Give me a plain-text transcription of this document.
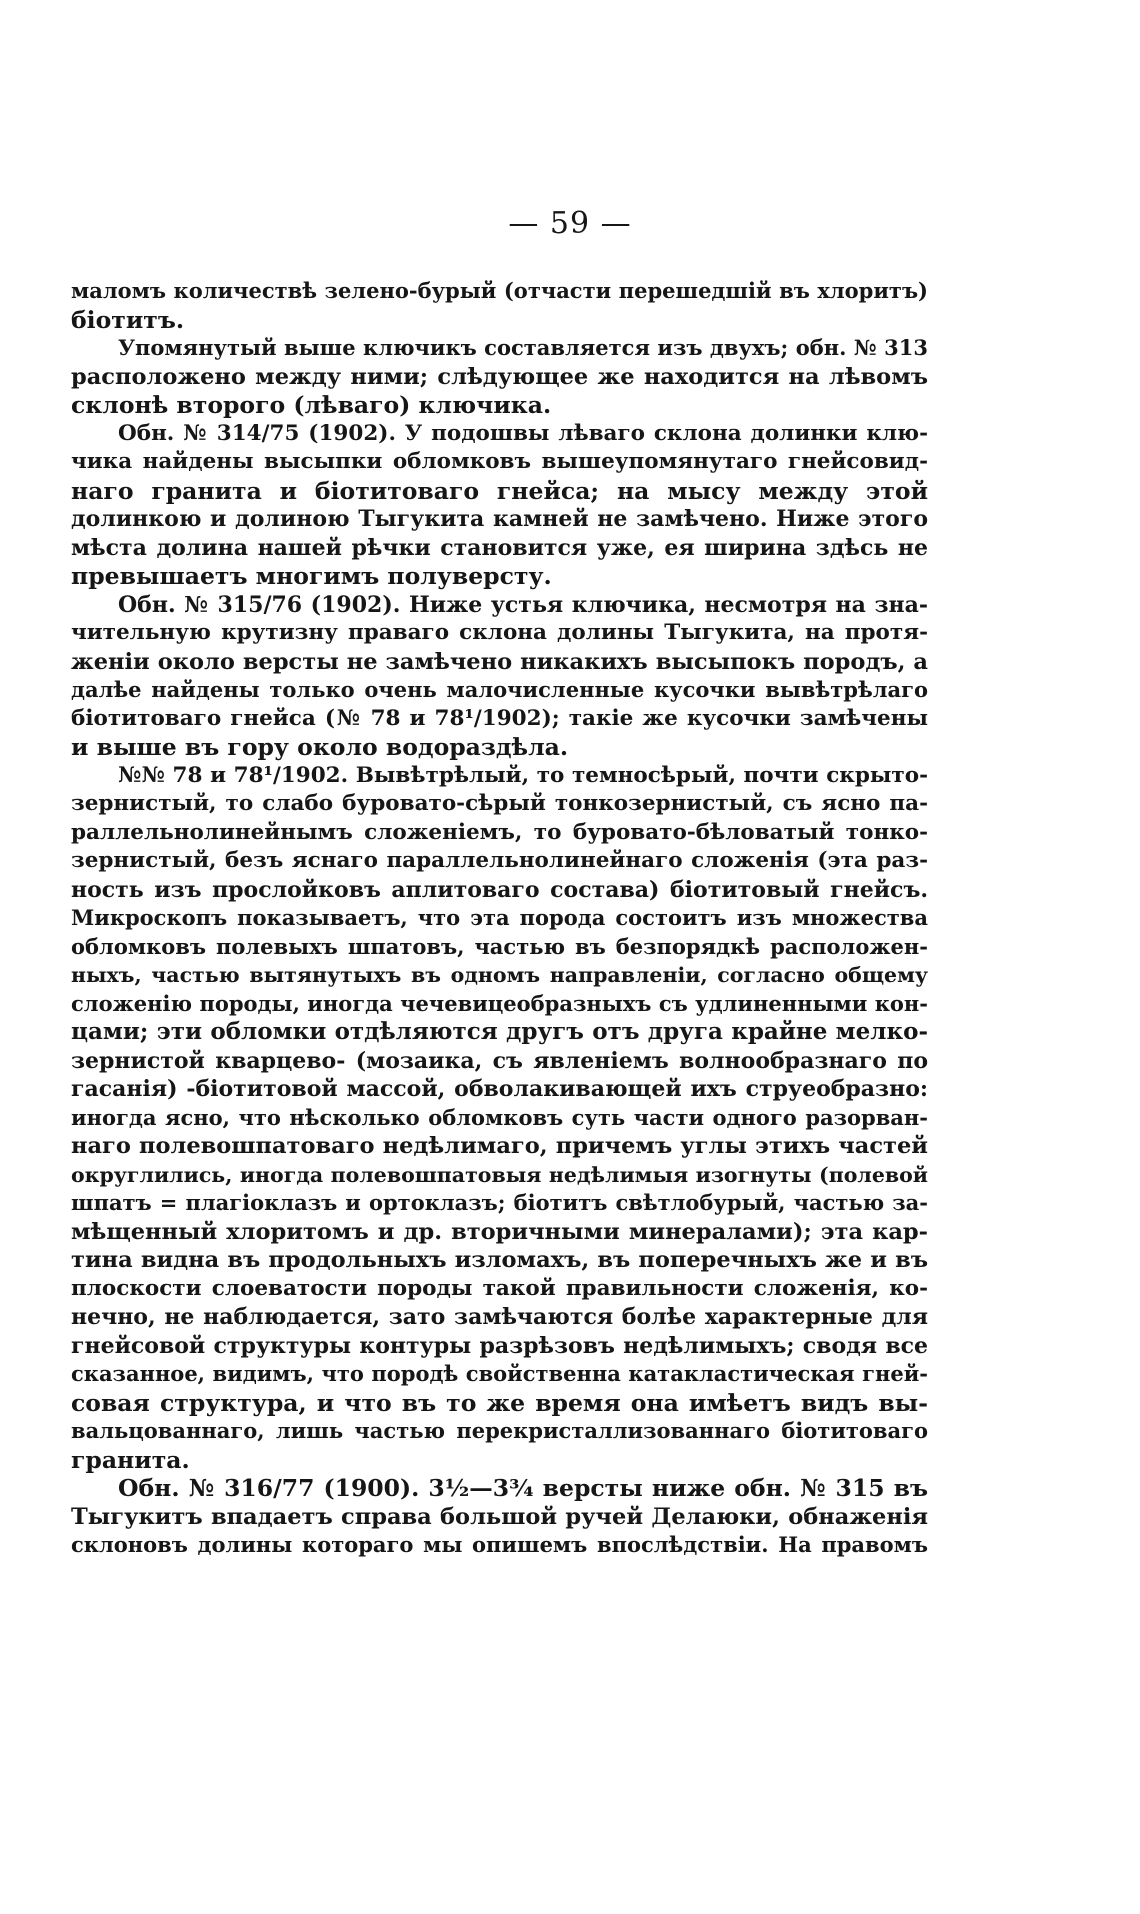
— 59 —
маломъ количествѣ зелено-бурый (отчасти перешедшій въ хлоритъ)
біотитъ.
Упомянутый выше ключикъ составляется изъ двухъ; обн. № 313
расположено между ними; слѣдующее же находится на лѣвомъ
склонѣ второго (лѣваго) ключика.
Обн. № 314/75 (1902). У подошвы лѣваго склона долинки клю-
чика найдены высыпки обломковъ вышеупомянутаго гнейсовид-
наго гранита и біотитоваго гнейса; на мысу между этой
долинкою и долиною Тыгукита камней не замѣчено. Ниже этого
мѣста долина нашей рѣчки становится уже, ея ширина здѣсь не
превышаетъ многимъ полуверсту.
Обн. № 315/76 (1902). Ниже устья ключика, несмотря на зна-
чительную крутизну праваго склона долины Тыгукита, на протя-
женіи около версты не замѣчено никакихъ высыпокъ породъ, а
далѣе найдены только очень малочисленные кусочки вывѣтрѣлаго
біотитоваго гнейса (№ 78 и 78¹/1902); такіе же кусочки замѣчены
и выше въ гору около водораздѣла.
№№ 78 и 78¹/1902. Вывѣтрѣлый, то темносѣрый, почти скрыто-
зернистый, то слабо буровато-сѣрый тонкозернистый, съ ясно па-
раллельнолинейнымъ сложеніемъ, то буровато-бѣловатый тонко-
зернистый, безъ яснаго параллельнолинейнаго сложенія (эта раз-
ность изъ прослойковъ аплитоваго состава) біотитовый гнейсъ.
Микроскопъ показываетъ, что эта порода состоитъ изъ множества
обломковъ полевыхъ шпатовъ, частью въ безпорядкѣ расположен-
ныхъ, частью вытянутыхъ въ одномъ направленіи, согласно общему
сложенію породы, иногда чечевицеобразныхъ съ удлиненными кон-
цами; эти обломки отдѣляются другъ отъ друга крайне мелко-
зернистой кварцево- (мозаика, съ явленіемъ волнообразнаго по
гасанія) -біотитовой массой, обволакивающей ихъ струеобразно:
иногда ясно, что нѣсколько обломковъ суть части одного разорван-
наго полевошпатоваго недѣлимаго, причемъ углы этихъ частей
округлились, иногда полевошпатовыя недѣлимыя изогнуты (полевой
шпатъ = плагіоклазъ и ортоклазъ; біотитъ свѣтлобурый, частью за-
мѣщенный хлоритомъ и др. вторичными минералами); эта кар-
тина видна въ продольныхъ изломахъ, въ поперечныхъ же и въ
плоскости слоеватости породы такой правильности сложенія, ко-
нечно, не наблюдается, зато замѣчаются болѣе характерные для
гнейсовой структуры контуры разрѣзовъ недѣлимыхъ; сводя все
сказанное, видимъ, что породѣ свойственна катакластическая гней-
совая структура, и что въ то же время она имѣетъ видъ вы-
вальцованнаго, лишь частью перекристаллизованнаго біотитоваго
гранита.
Обн. № 316/77 (1900). 3½—3¾ версты ниже обн. № 315 въ
Тыгукитъ впадаетъ справа большой ручей Делаюки, обнаженія
склоновъ долины котораго мы опишемъ впослѣдствіи. На правомъ
